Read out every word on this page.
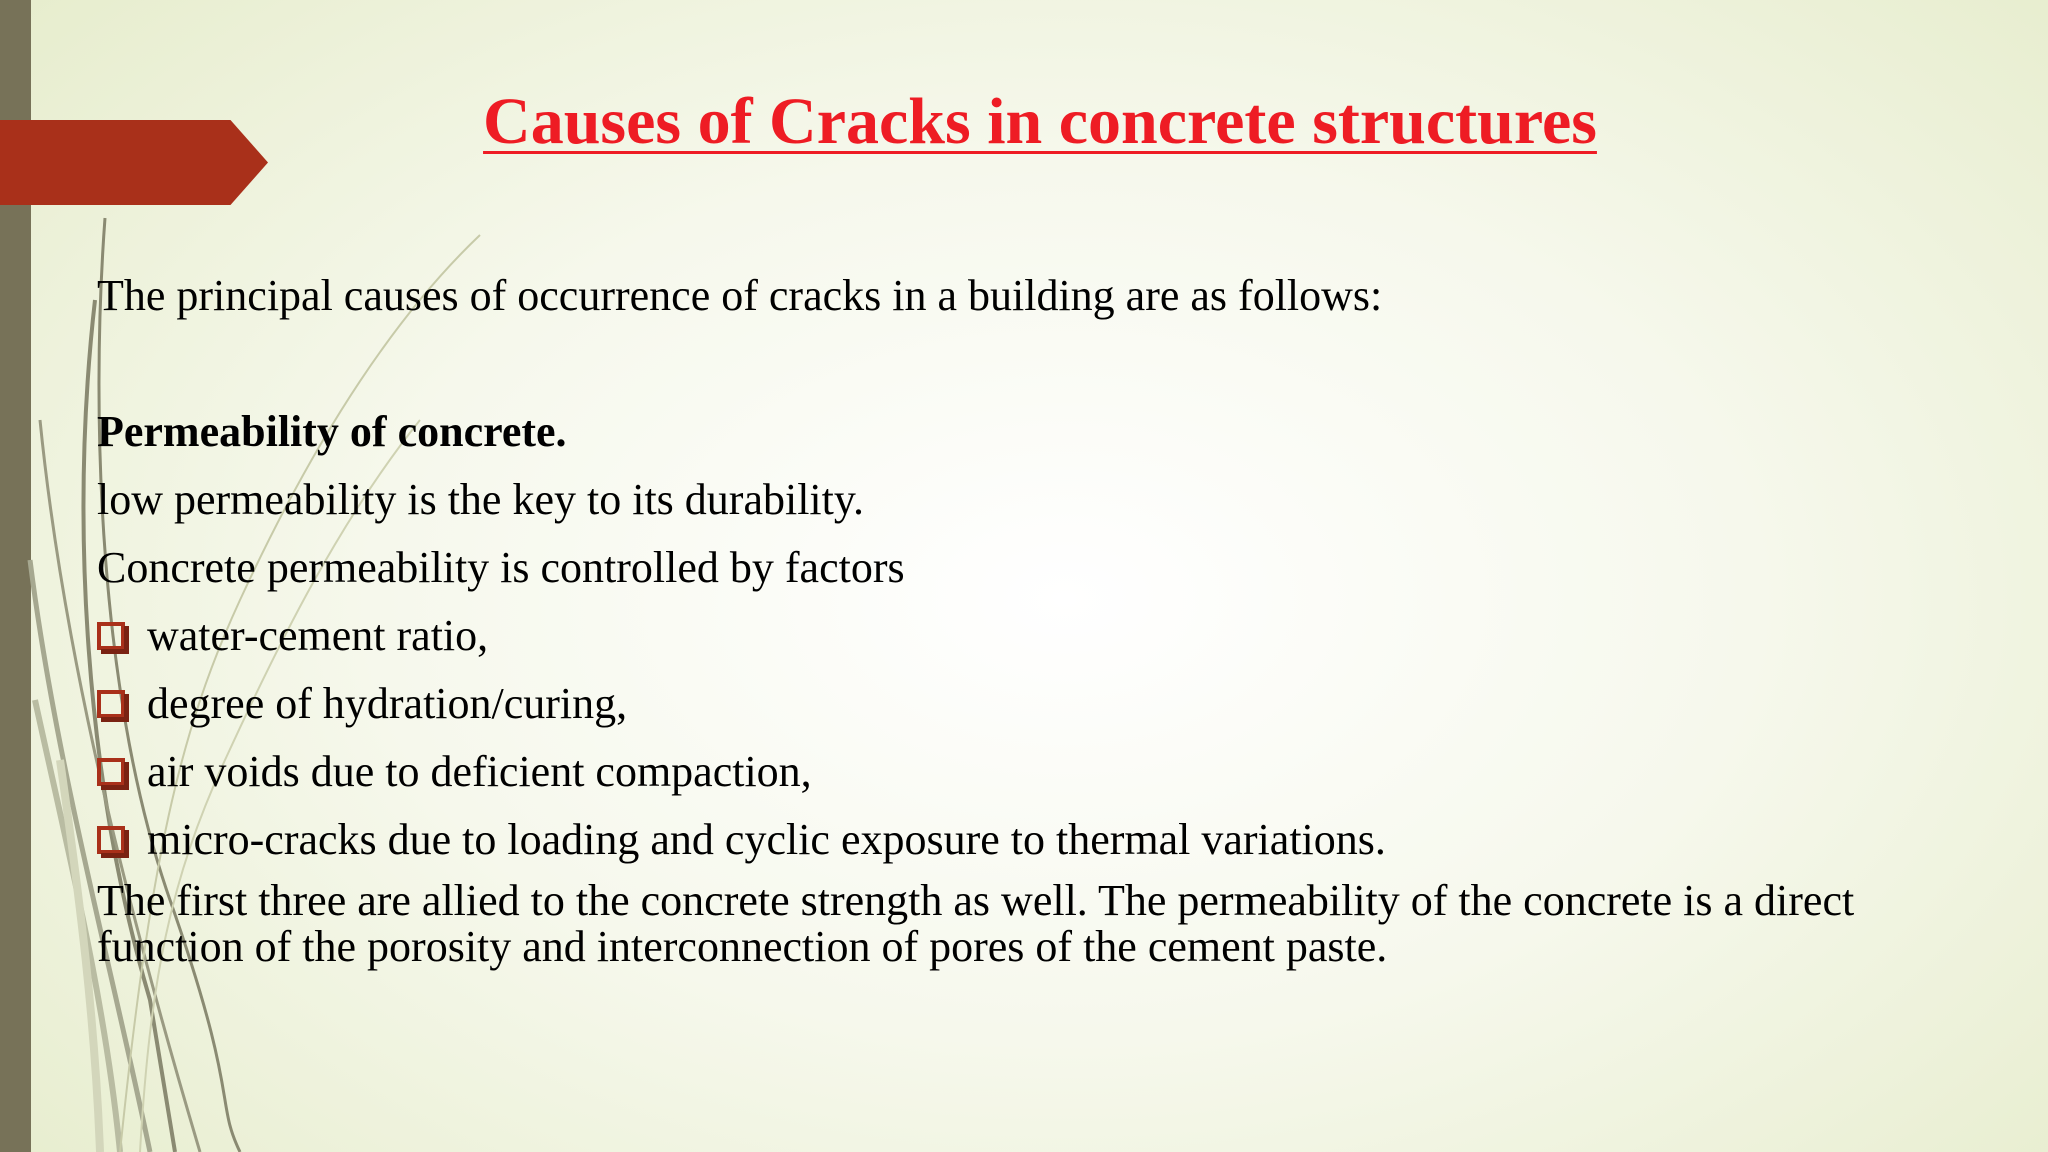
Causes of Cracks in concrete structures

The principal causes of occurrence of cracks in a building are as follows:

Permeability of concrete.

low permeability is the key to its durability.

Concrete permeability is controlled by factors

water-cement ratio,
degree of hydration/curing,
air voids due to deficient compaction,
micro-cracks due to loading and cyclic exposure to thermal variations.

The first three are allied to the concrete strength as well. The permeability of the concrete is a direct function of the porosity and interconnection of pores of the cement paste.
